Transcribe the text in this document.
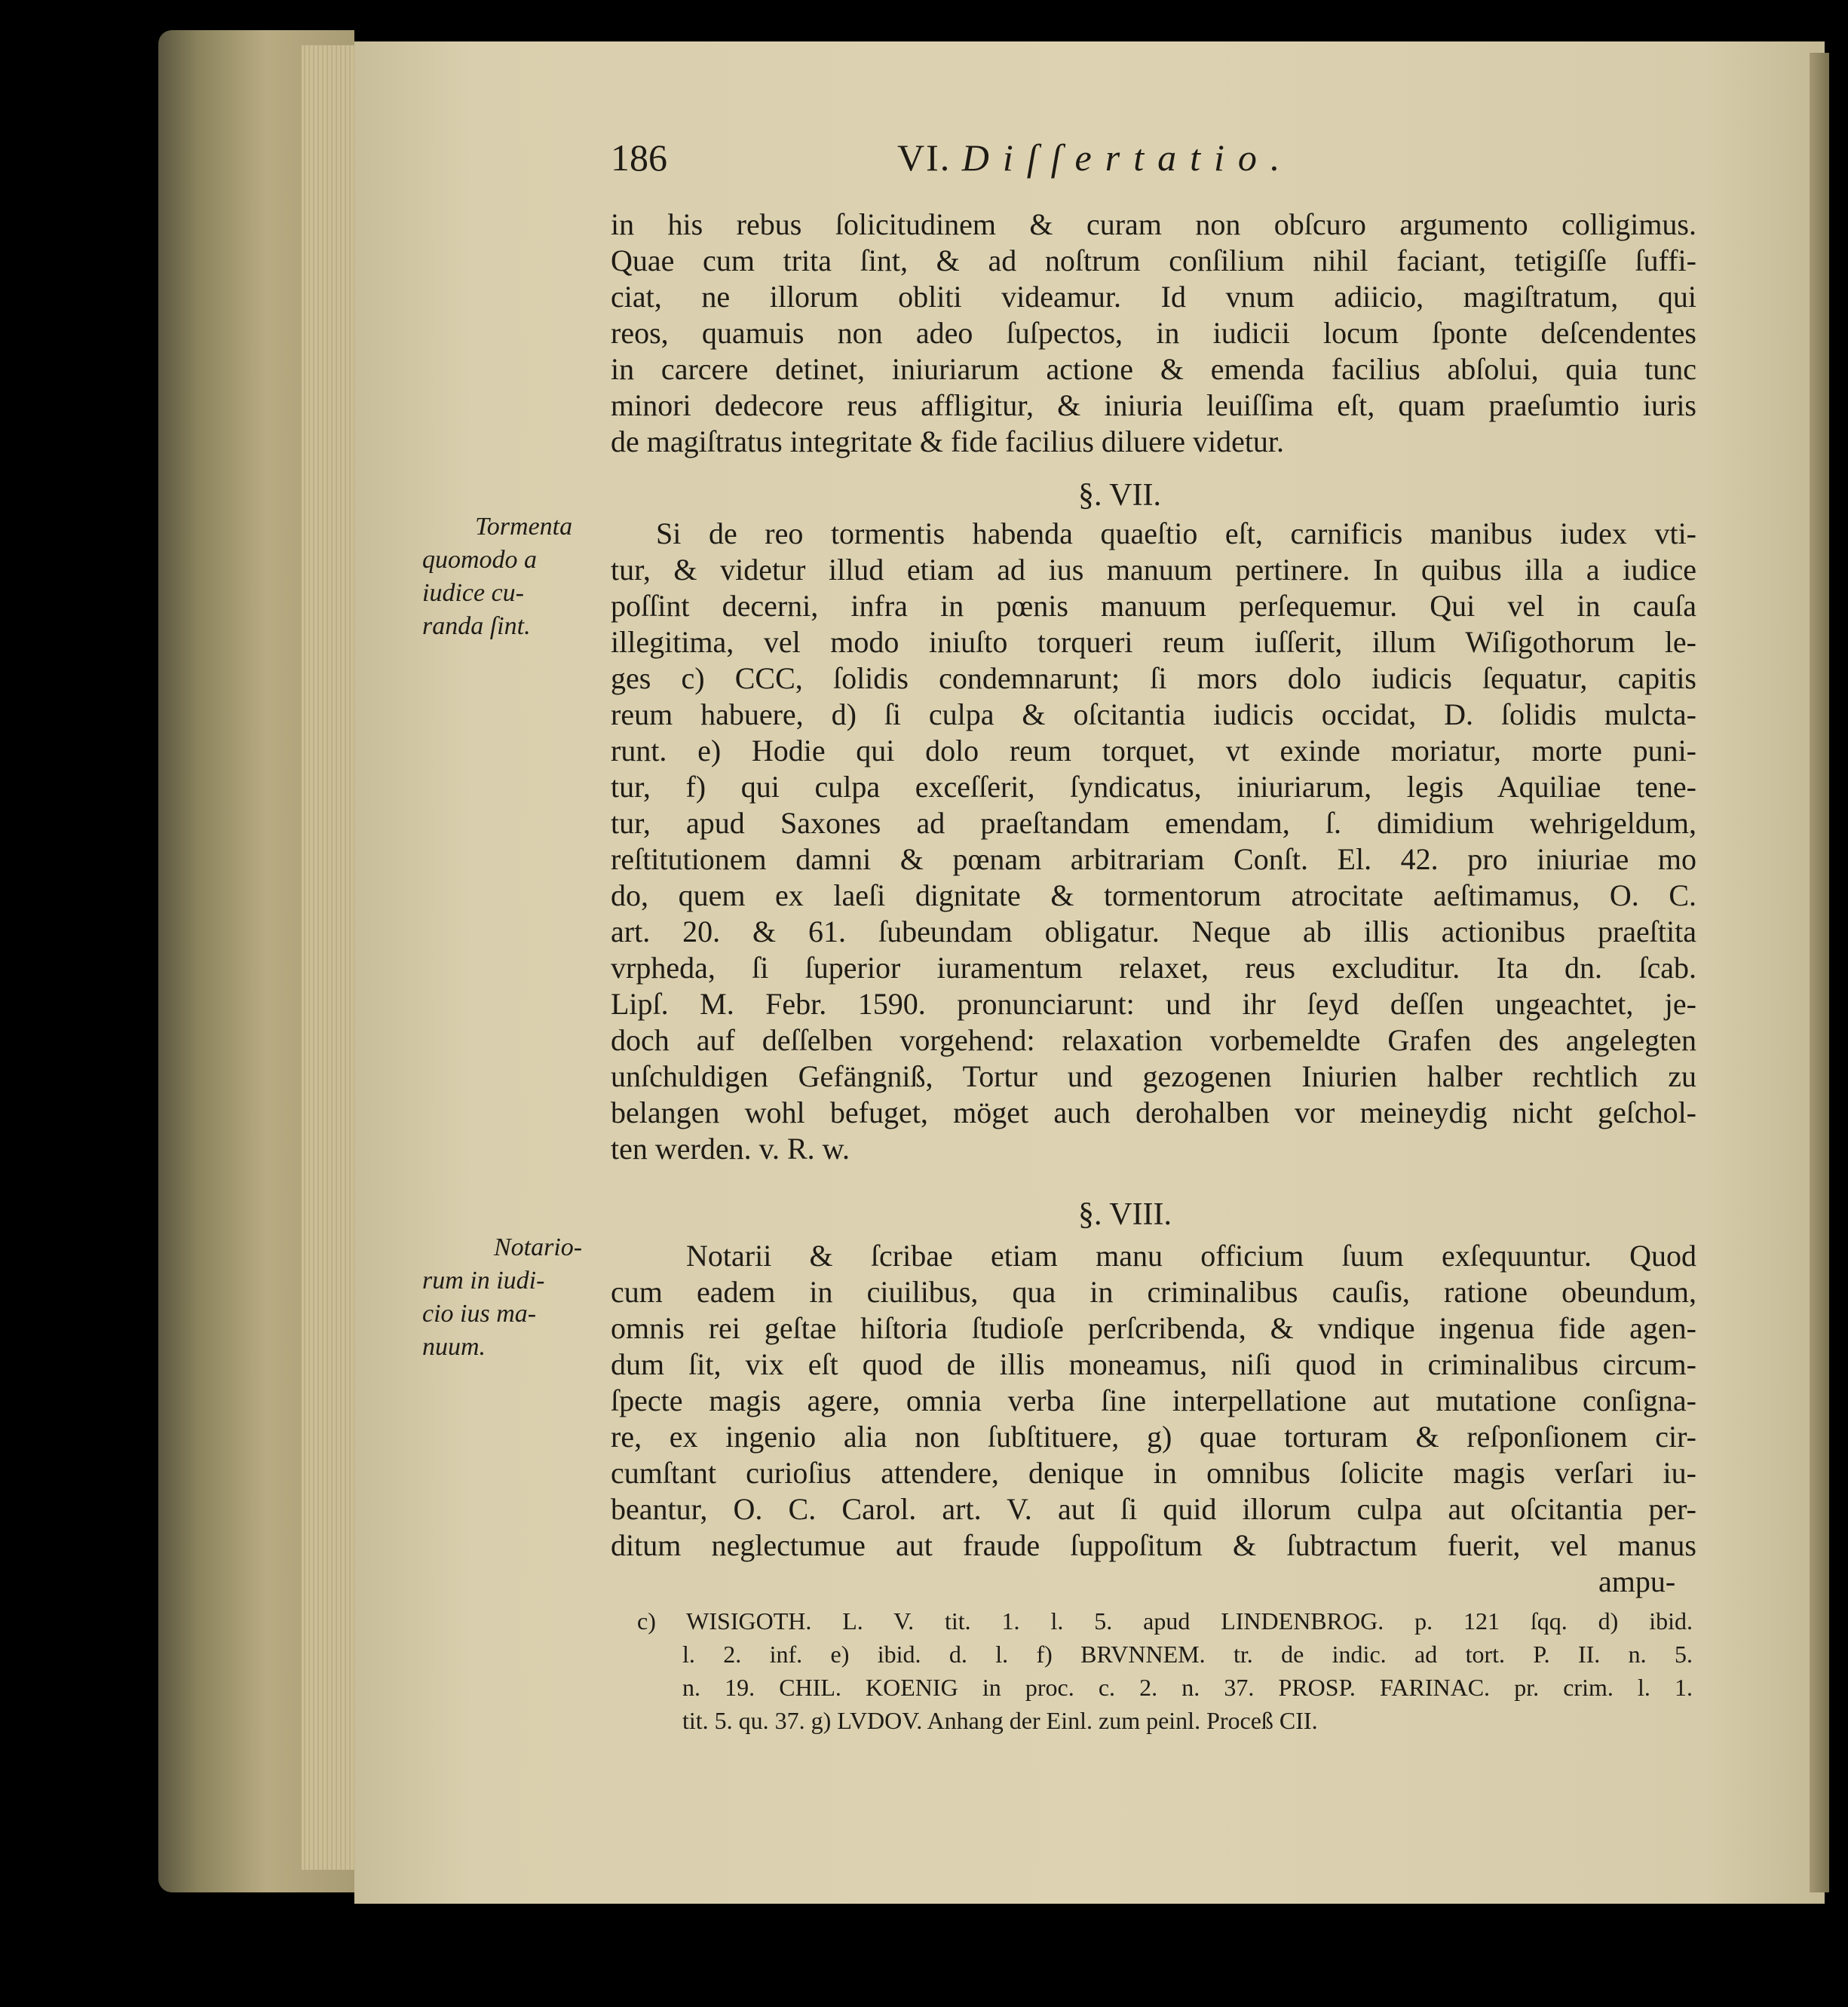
186	VI. Diſſertatio.
in his rebus ſolicitudinem & curam non obſcuro argumento colligimus.
Quae cum trita ſint, & ad noſtrum conſilium nihil faciant, tetigiſſe ſuffi-
ciat, ne illorum obliti videamur. Id vnum adiicio, magiſtratum, qui
reos, quamuis non adeo ſuſpectos, in iudicii locum ſponte deſcendentes
in carcere detinet, iniuriarum actione & emenda facilius abſolui, quia tunc
minori dedecore reus affligitur, & iniuria leuiſſima eſt, quam praeſumtio iuris
de magiſtratus integritate & fide facilius diluere videtur.
§. VII.
Tormenta
quomodo a
iudice cu-
randa ſint.
Si de reo tormentis habenda quaeſtio eſt, carnificis manibus iudex vti-
tur, & videtur illud etiam ad ius manuum pertinere. In quibus illa a iudice
poſſint decerni, infra in pœnis manuum perſequemur. Qui vel in cauſa
illegitima, vel modo iniuſto torqueri reum iuſſerit, illum Wiſigothorum le-
ges c) CCC, ſolidis condemnarunt; ſi mors dolo iudicis ſequatur, capitis
reum habuere, d) ſi culpa & oſcitantia iudicis occidat, D. ſolidis mulcta-
runt. e) Hodie qui dolo reum torquet, vt exinde moriatur, morte puni-
tur, f) qui culpa exceſſerit, ſyndicatus, iniuriarum, legis Aquiliae tene-
tur, apud Saxones ad praeſtandam emendam, ſ. dimidium wehrigeldum,
reſtitutionem damni & pœnam arbitrariam Conſt. El. 42. pro iniuriae mo
do, quem ex laeſi dignitate & tormentorum atrocitate aeſtimamus, O. C.
art. 20. & 61. ſubeundam obligatur. Neque ab illis actionibus praeſtita
vrpheda, ſi ſuperior iuramentum relaxet, reus excluditur. Ita dn. ſcab.
Lipſ. M. Febr. 1590. pronunciarunt: und ihr ſeyd deſſen ungeachtet, je-
doch auf deſſelben vorgehend: relaxation vorbemeldte Grafen des angelegten
unſchuldigen Gefängniß, Tortur und gezogenen Iniurien halber rechtlich zu
belangen wohl befuget, möget auch derohalben vor meineydig nicht geſchol-
ten werden. v. R. w.
§. VIII.
Notario-
rum in iudi-
cio ius ma-
nuum.
Notarii & ſcribae etiam manu officium ſuum exſequuntur. Quod
cum eadem in ciuilibus, qua in criminalibus cauſis, ratione obeundum,
omnis rei geſtae hiſtoria ſtudioſe perſcribenda, & vndique ingenua fide agen-
dum ſit, vix eſt quod de illis moneamus, niſi quod in criminalibus circum-
ſpecte magis agere, omnia verba ſine interpellatione aut mutatione conſigna-
re, ex ingenio alia non ſubſtituere, g) quae torturam & reſponſionem cir-
cumſtant curioſius attendere, denique in omnibus ſolicite magis verſari iu-
beantur, O. C. Carol. art. V. aut ſi quid illorum culpa aut oſcitantia per-
ditum neglectumue aut fraude ſuppoſitum & ſubtractum fuerit, vel manus
ampu-
c) WISIGOTH. L. V. tit. 1. l. 5. apud LINDENBROG. p. 121 ſqq. d) ibid.
l. 2. inf. e) ibid. d. l. f) BRVNNEM. tr. de indic. ad tort. P. II. n. 5.
n. 19. CHIL. KOENIG in proc. c. 2. n. 37. PROSP. FARINAC. pr. crim. l. 1.
tit. 5. qu. 37. g) LVDOV. Anhang der Einl. zum peinl. Proceß CII.
